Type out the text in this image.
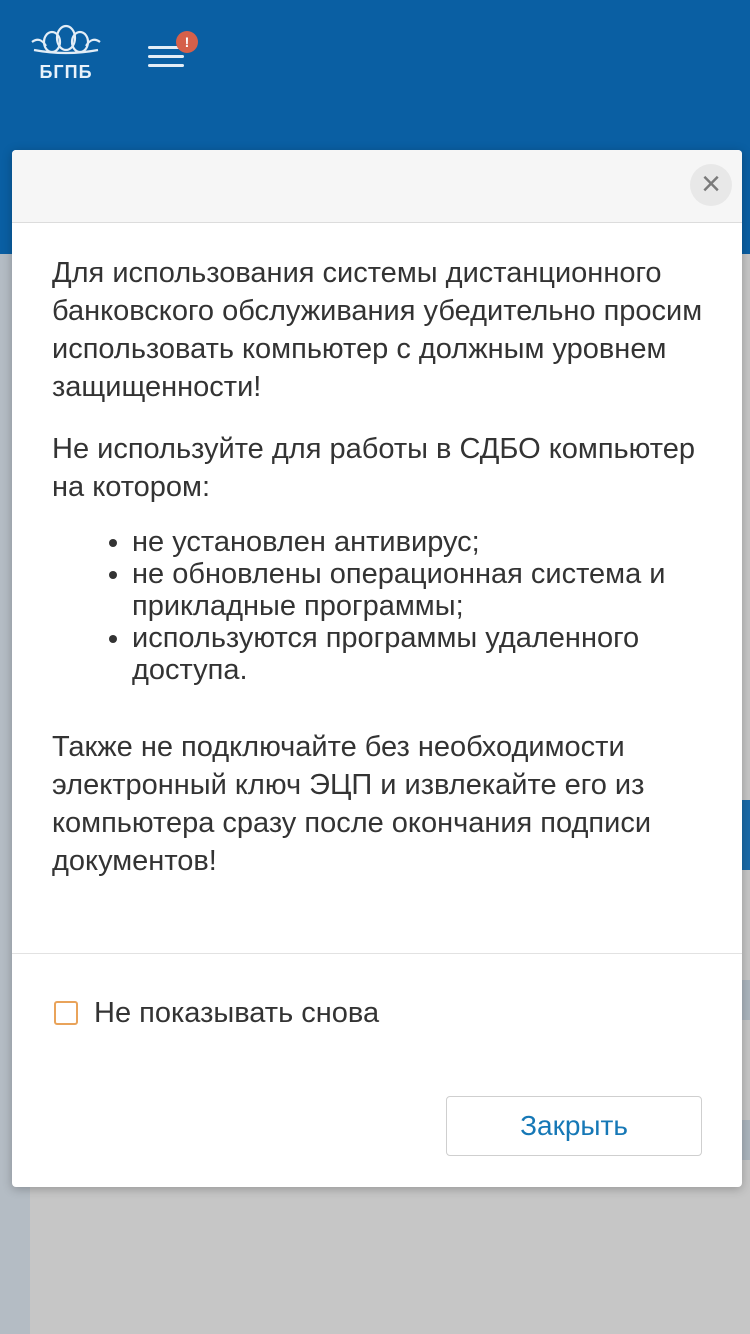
БГПБ
!
×

Для использования системы дистанционного банковского обслуживания убедительно просим использовать компьютер с должным уровнем защищенности!

Не используйте для работы в СДБО компьютер на котором:

• не установлен антивирус;
• не обновлены операционная система и прикладные программы;
• используются программы удаленного доступа.

Также не подключайте без необходимости электронный ключ ЭЦП и извлекайте его из компьютера сразу после окончания подписи документов!

Не показывать снова
Закрыть
